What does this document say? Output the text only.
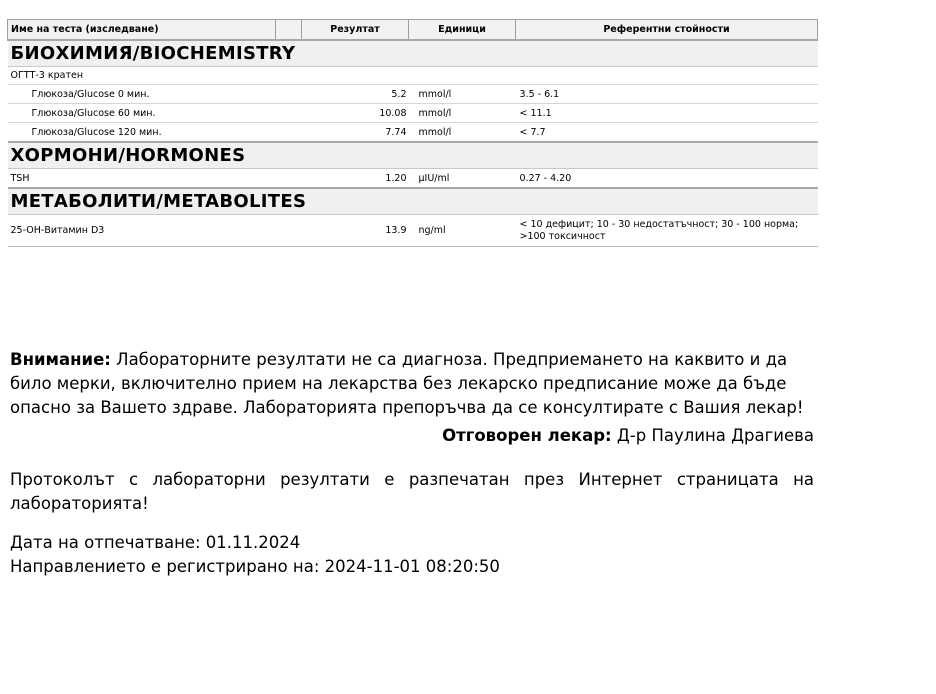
Име на теста (изследване)		Резултат	Единици	Референтни стойности
БИОХИМИЯ/BIOCHEMISTRY				
ОГТТ-3 кратен				
Глюкоза/Glucose 0 мин.		5.2	mmol/l	3.5 - 6.1
Глюкоза/Glucose 60 мин.		10.08	mmol/l	< 11.1
Глюкоза/Glucose 120 мин.		7.74	mmol/l	< 7.7
ХОРМОНИ/HORMONES				
TSH		1.20	μIU/ml	0.27 - 4.20
МЕТАБОЛИТИ/METABOLITES				
25-OH-Витамин D3		13.9	ng/ml	< 10 дефицит; 10 - 30 недостатъчност; 30 - 100 норма; >100 токсичност

Внимание: Лабораторните резултати не са диагноза. Предприемането на каквито и да било мерки, включително прием на лекарства без лекарско предписание може да бъде опасно за Вашето здраве. Лабораторията препоръчва да се консултирате с Вашия лекар!

Отговорен лекар: Д-р Паулина Драгиева

Протоколът с лабораторни резултати е разпечатан през Интернет страницата на лабораторията!

Дата на отпечатване: 01.11.2024
Направлението е регистрирано на: 2024-11-01 08:20:50
